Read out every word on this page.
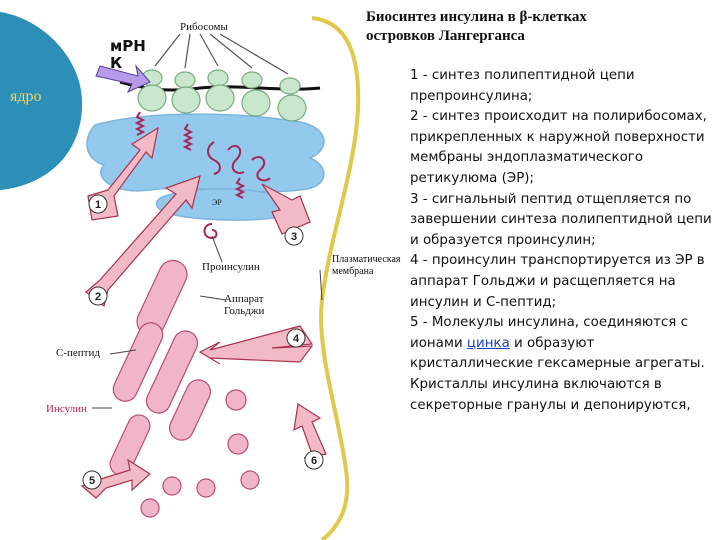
1
2
3
4
5
6
Рибосомы
ЭР
Проинсулин
Аппарат
Гольджи
Плазматическая
мембрана
С-пептид
Инсулин
мРН
К
ядро
Биосинтез инсулина в β-клетках
островков Лангерганса

1 - синтез полипептидной цепи препроинсулина;

2 - синтез происходит на полирибосомах, прикрепленных к наружной поверхности мембраны эндоплазматического ретикулюма (ЭР);

3 - сигнальный пептид отщепляется по завершении синтеза полипептидной цепи и образуется проинсулин;

4 - проинсулин транспортируется из ЭР в аппарат Гольджи и расщепляется на инсулин и С-пептид;

5 - Молекулы инсулина, соединяются с ионами цинка и образуют кристаллические гексамерные агрегаты. Кристаллы инсулина включаются в секреторные гранулы и депонируются,
